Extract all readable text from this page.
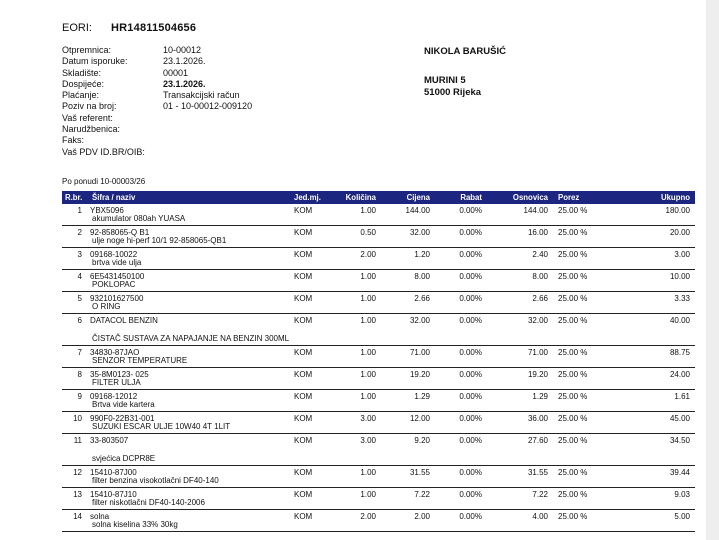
EORI: HR14811504656
Otpremnica:	10-00012
Datum isporuke:	23.1.2026.
Skladište:	00001
Dospijeće:	23.1.2026.
Plaćanje:	Transakcijski račun
Poziv na broj:	01 - 10-00012-009120
Vaš referent:
Narudžbenica:
Faks:
Vaš PDV ID.BR/OIB:
NIKOLA BARUŠIĆ
MURINI 5
51000 Rijeka
Po ponudi 10-00003/26
R.br.	Šifra / naziv	Jed.mj.	Količina	Cijena	Rabat	Osnovica Porez	Ukupno
1 YBX5096	KOM	1.00	144.00	0.00%	144.00 25.00 %	180.00
akumulator 080ah YUASA
2 92-858065-Q B1	KOM	0.50	32.00	0.00%	16.00 25.00 %	20.00
ulje noge hi-perf 10/1 92-858065-QB1
3 09168-10022	KOM	2.00	1.20	0.00%	2.40 25.00 %	3.00
brtva vide ulja
4 6E5431450100	KOM	1.00	8.00	0.00%	8.00 25.00 %	10.00
POKLOPAC
5 932101627500	KOM	1.00	2.66	0.00%	2.66 25.00 %	3.33
O RING
6 DATACOL BENZIN	KOM	1.00	32.00	0.00%	32.00 25.00 %	40.00
ČISTAČ SUSTAVA ZA NAPAJANJE NA BENZIN 300ML
7 34830-87JAO	KOM	1.00	71.00	0.00%	71.00 25.00 %	88.75
SENZOR TEMPERATURE
8 35-8M0123- 025	KOM	1.00	19.20	0.00%	19.20 25.00 %	24.00
FILTER ULJA
9 09168-12012	KOM	1.00	1.29	0.00%	1.29 25.00 %	1.61
Brtva vide kartera
10 990F0-22B31-001	KOM	3.00	12.00	0.00%	36.00 25.00 %	45.00
SUZUKI ESCAR ULJE 10W40 4T 1LIT
11 33-803507	KOM	3.00	9.20	0.00%	27.60 25.00 %	34.50
svjećica DCPR8E
12 15410-87J00	KOM	1.00	31.55	0.00%	31.55 25.00 %	39.44
filter benzina visokotlačni DF40-140
13 15410-87J10	KOM	1.00	7.22	0.00%	7.22 25.00 %	9.03
filter niskotlačni DF40-140-2006
14 solna	KOM	2.00	2.00	0.00%	4.00 25.00 %	5.00
solna kiselina 33% 30kg
